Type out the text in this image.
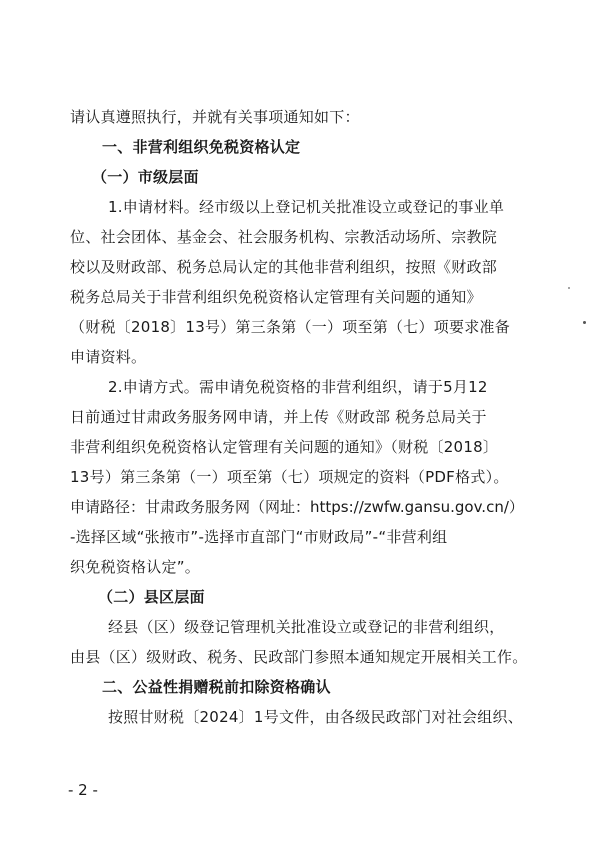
请认真遵照执行，并就有关事项通知如下：
一、非营利组织免税资格认定
（一）市级层面
1.申请材料。经市级以上登记机关批准设立或登记的事业单
位、社会团体、基金会、社会服务机构、宗教活动场所、宗教院
校以及财政部、税务总局认定的其他非营利组织，按照《财政部
税务总局关于非营利组织免税资格认定管理有关问题的通知》
（财税〔2018〕13号）第三条第（一）项至第（七）项要求准备
申请资料。
2.申请方式。需申请免税资格的非营利组织，请于5月12
日前通过甘肃政务服务网申请，并上传《财政部 税务总局关于
非营利组织免税资格认定管理有关问题的通知》（财税〔2018〕
13号）第三条第（一）项至第（七）项规定的资料（PDF格式）。
申请路径：甘肃政务服务网（网址：https://zwfw.gansu.gov.cn/）
-选择区域“张掖市”-选择市直部门“市财政局”-“非营利组
织免税资格认定”。
（二）县区层面
经县（区）级登记管理机关批准设立或登记的非营利组织，
由县（区）级财政、税务、民政部门参照本通知规定开展相关工作。
二、公益性捐赠税前扣除资格确认
按照甘财税〔2024〕1号文件，由各级民政部门对社会组织、
- 2 -
